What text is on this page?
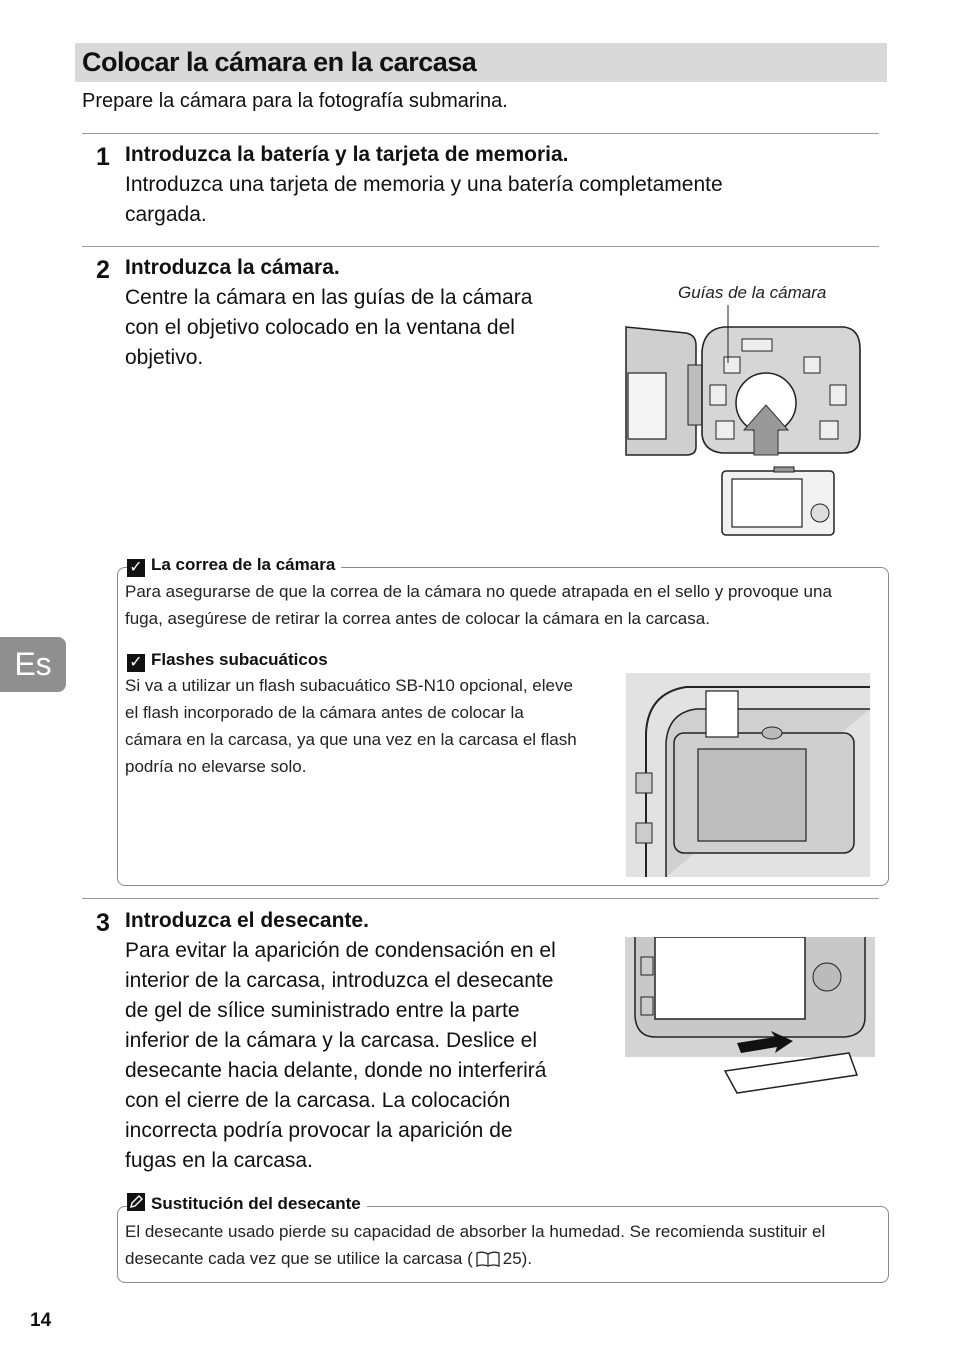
Colocar la cámara en la carcasa
Prepare la cámara para la fotografía submarina.
1 Introduzca la batería y la tarjeta de memoria.
Introduzca una tarjeta de memoria y una batería completamente
cargada.
2 Introduzca la cámara.
Centre la cámara en las guías de la cámara
con el objetivo colocado en la ventana del
objetivo.
Guías de la cámara
✓ La correa de la cámara
Para asegurarse de que la correa de la cámara no quede atrapada en el sello y provoque una
fuga, asegúrese de retirar la correa antes de colocar la cámara en la carcasa.
✓ Flashes subacuáticos
Si va a utilizar un flash subacuático SB-N10 opcional, eleve
el flash incorporado de la cámara antes de colocar la
cámara en la carcasa, ya que una vez en la carcasa el flash
podría no elevarse solo.
3 Introduzca el desecante.
Para evitar la aparición de condensación en el
interior de la carcasa, introduzca el desecante
de gel de sílice suministrado entre la parte
inferior de la cámara y la carcasa. Deslice el
desecante hacia delante, donde no interferirá
con el cierre de la carcasa. La colocación
incorrecta podría provocar la aparición de
fugas en la carcasa.
Sustitución del desecante
El desecante usado pierde su capacidad de absorber la humedad. Se recomienda sustituir el
desecante cada vez que se utilice la carcasa ( 25).
Es
14
